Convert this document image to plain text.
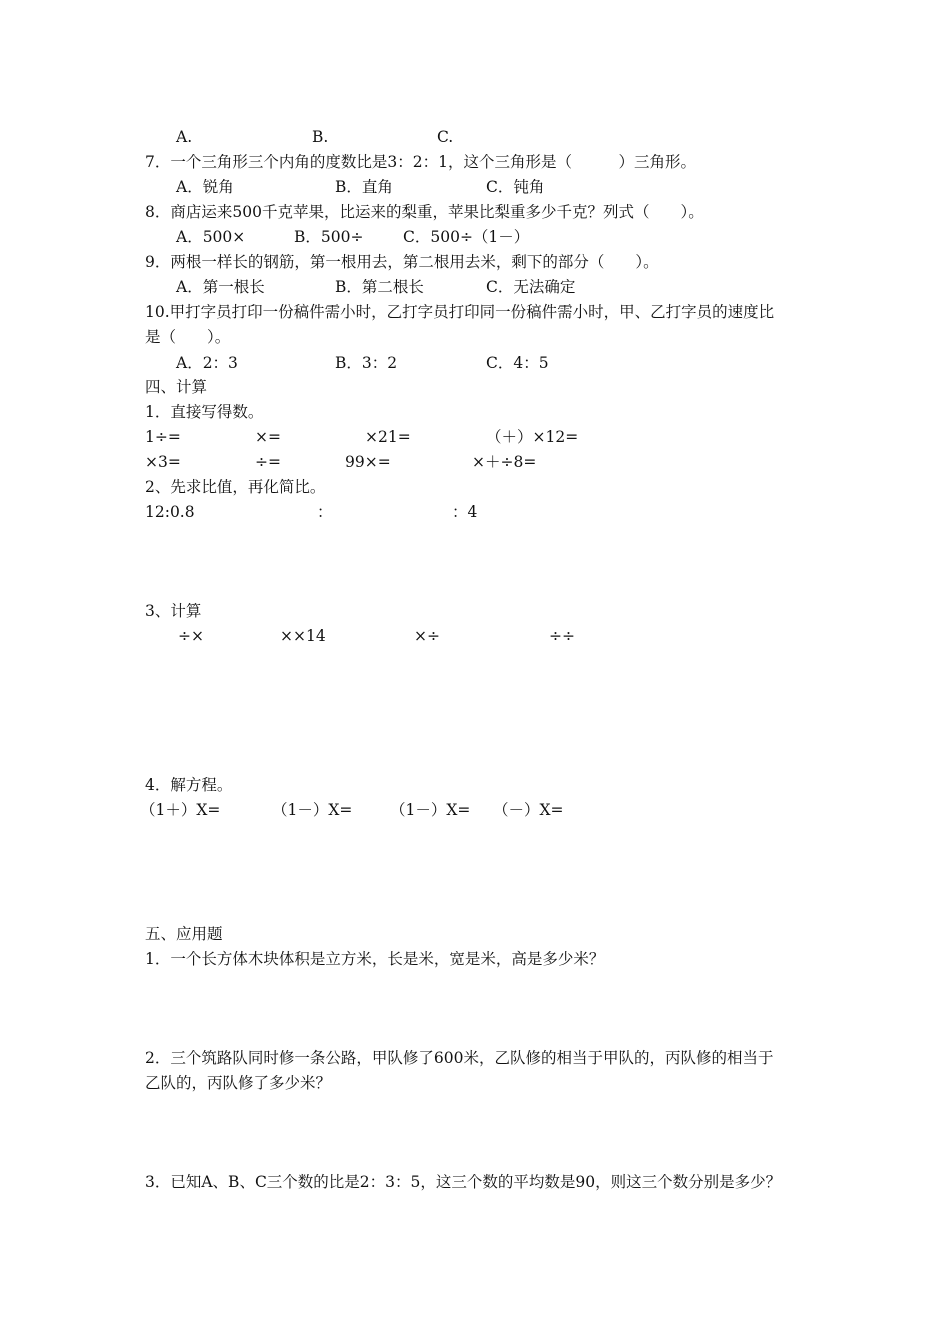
A.	B.	C.
7．一个三角形三个内角的度数比是3：2：1，这个三角形是（　　　）三角形。
A．锐角	B．直角	C．钝角
8．商店运来500千克苹果，比运来的梨重，苹果比梨重多少千克？列式（　　）。
A．500×	B．500÷	C．500÷（1－）
9．两根一样长的钢筋，第一根用去，第二根用去米，剩下的部分（　　）。
A．第一根长	B．第二根长	C．无法确定
10.甲打字员打印一份稿件需小时，乙打字员打印同一份稿件需小时，甲、乙打字员的速度比
是（　　）。
A．2：3	B．3：2	C．4：5
四、计算
1．直接写得数。
1÷=	×=	×21=	（＋）×12=
×3=	÷=	99×=	×＋÷8=
2、先求比值，再化简比。
12:0.8	：	：4
3、计算
÷×	××14	×÷	÷÷
4．解方程。
（1＋）X=	（1－）X= （1－）X= （－）X=
五、应用题
1．一个长方体木块体积是立方米，长是米，宽是米，高是多少米？
2．三个筑路队同时修一条公路，甲队修了600米，乙队修的相当于甲队的，丙队修的相当于
乙队的，丙队修了多少米？
3．已知A、B、C三个数的比是2：3：5，这三个数的平均数是90，则这三个数分别是多少？
